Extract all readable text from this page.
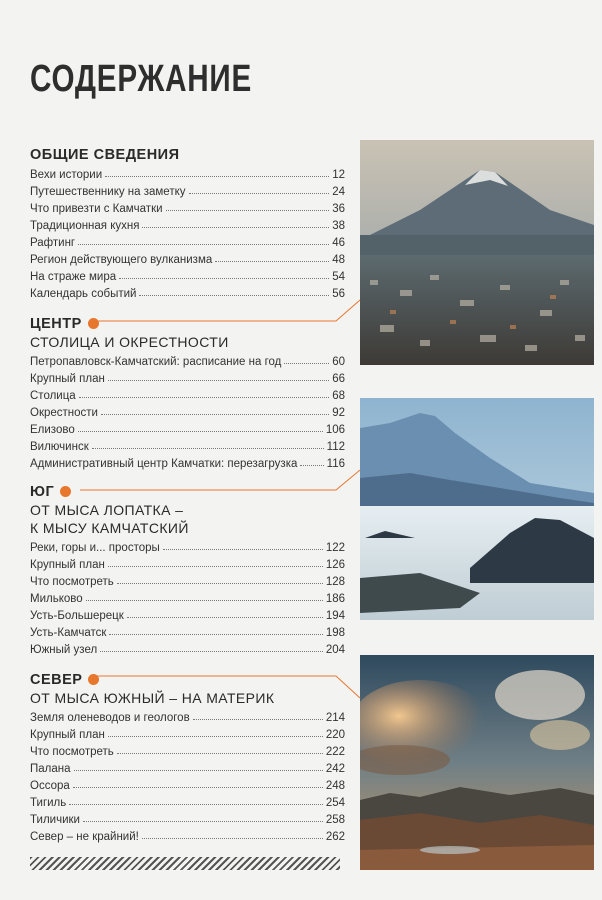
СОДЕРЖАНИЕ
ОБЩИЕ СВЕДЕНИЯ
Вехи истории	12
Путешественнику на заметку	24
Что привезти с Камчатки	36
Традиционная кухня	38
Рафтинг	46
Регион действующего вулканизма	48
На страже мира	54
Календарь событий	56
ЦЕНТР
СТОЛИЦА И ОКРЕСТНОСТИ
Петропавловск-Камчатский: расписание на год	60
Крупный план	66
Столица	68
Окрестности	92
Елизово	106
Вилючинск	112
Административный центр Камчатки: перезагрузка	116
ЮГ
ОТ МЫСА ЛОПАТКА –
К МЫСУ КАМЧАТСКИЙ
Реки, горы и... просторы	122
Крупный план	126
Что посмотреть	128
Мильково	186
Усть-Большерецк	194
Усть-Камчатск	198
Южный узел	204
СЕВЕР
ОТ МЫСА ЮЖНЫЙ – НА МАТЕРИК
Земля оленеводов и геологов	214
Крупный план	220
Что посмотреть	222
Палана	242
Оссора	248
Тигиль	254
Тиличики	258
Север – не крайний!	262
